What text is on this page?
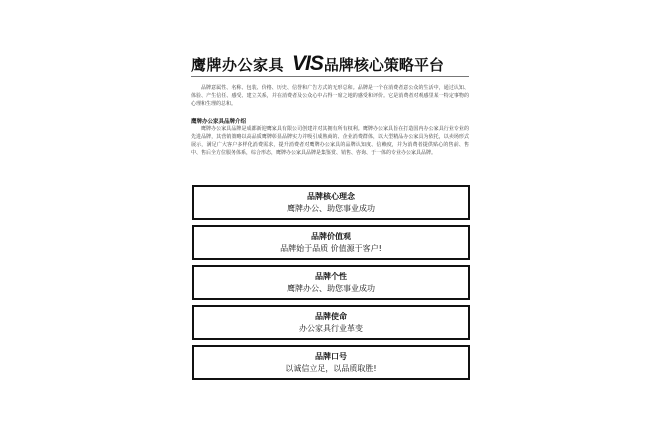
鹰牌办公家具 VIS 品牌核心策略平台
品牌意属性、名称、包装、价格、历史、信誉和广告方式的无形总和。品牌是一个在消费者意公众的生活中，通过认知、体验、产生信任、感受、建立关系，并在消费者及公众心中占得一席之地的感受和评价。它是消费者对观感里某一特定事物的心理和生理的总和。
鹰牌办公家具品牌介绍
鹰牌办公家具品牌是成都新迎鹰家具有限公司创建并对其拥有所有权利。鹰牌办公家具旨在打造国内办公家具行业专业的先进品牌，其营销策略以高品质鹰牌彰显品牌实力并吸引成熟商的、企业消费群体，以大型精品办公家具为依托，以卖场形式展示，满足广大客户多样化消费需求，提升消费者对鹰牌办公家具的品牌认知度、信赖度，并为消费者提供贴心的售前、售中、售后全方位服务体系，综合形态，鹰牌办公家具品牌是集鉴赏、销售、咨询、于一体的专业办公家具品牌。
品牌核心理念
鹰牌办公、助您事业成功
品牌价值观
品牌始于品质 价值源于客户!
品牌个性
鹰牌办公、助您事业成功
品牌使命
办公家具行业革变
品牌口号
以诚信立足，以品质取胜!
